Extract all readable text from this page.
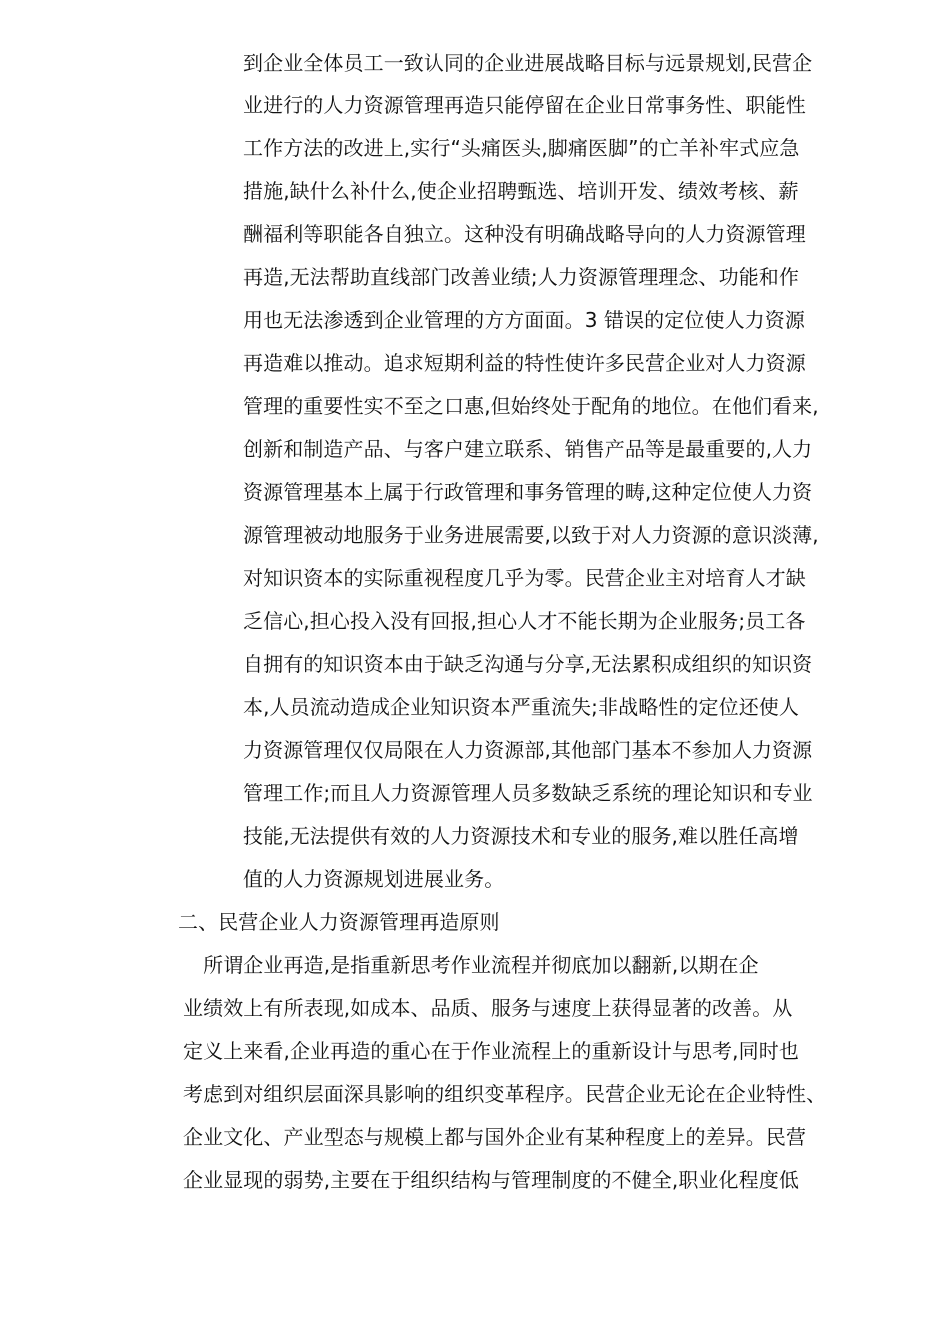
到企业全体员工一致认同的企业进展战略目标与远景规划,民营企
业进行的人力资源管理再造只能停留在企业日常事务性、职能性
工作方法的改进上,实行“头痛医头,脚痛医脚”的亡羊补牢式应急
措施,缺什么补什么,使企业招聘甄选、培训开发、绩效考核、薪
酬福利等职能各自独立。这种没有明确战略导向的人力资源管理
再造,无法帮助直线部门改善业绩;人力资源管理理念、功能和作
用也无法渗透到企业管理的方方面面。3 错误的定位使人力资源
再造难以推动。追求短期利益的特性使许多民营企业对人力资源
管理的重要性实不至之口惠,但始终处于配角的地位。在他们看来,
创新和制造产品、与客户建立联系、销售产品等是最重要的,人力
资源管理基本上属于行政管理和事务管理的畴,这种定位使人力资
源管理被动地服务于业务进展需要,以致于对人力资源的意识淡薄,
对知识资本的实际重视程度几乎为零。民营企业主对培育人才缺
乏信心,担心投入没有回报,担心人才不能长期为企业服务;员工各
自拥有的知识资本由于缺乏沟通与分享,无法累积成组织的知识资
本,人员流动造成企业知识资本严重流失;非战略性的定位还使人
力资源管理仅仅局限在人力资源部,其他部门基本不参加人力资源
管理工作;而且人力资源管理人员多数缺乏系统的理论知识和专业
技能,无法提供有效的人力资源技术和专业的服务,难以胜任高增
值的人力资源规划进展业务。
二、民营企业人力资源管理再造原则
　所谓企业再造,是指重新思考作业流程并彻底加以翻新,以期在企
业绩效上有所表现,如成本、品质、服务与速度上获得显著的改善。从
定义上来看,企业再造的重心在于作业流程上的重新设计与思考,同时也
考虑到对组织层面深具影响的组织变革程序。民营企业无论在企业特性、
企业文化、产业型态与规模上都与国外企业有某种程度上的差异。民营
企业显现的弱势,主要在于组织结构与管理制度的不健全,职业化程度低
